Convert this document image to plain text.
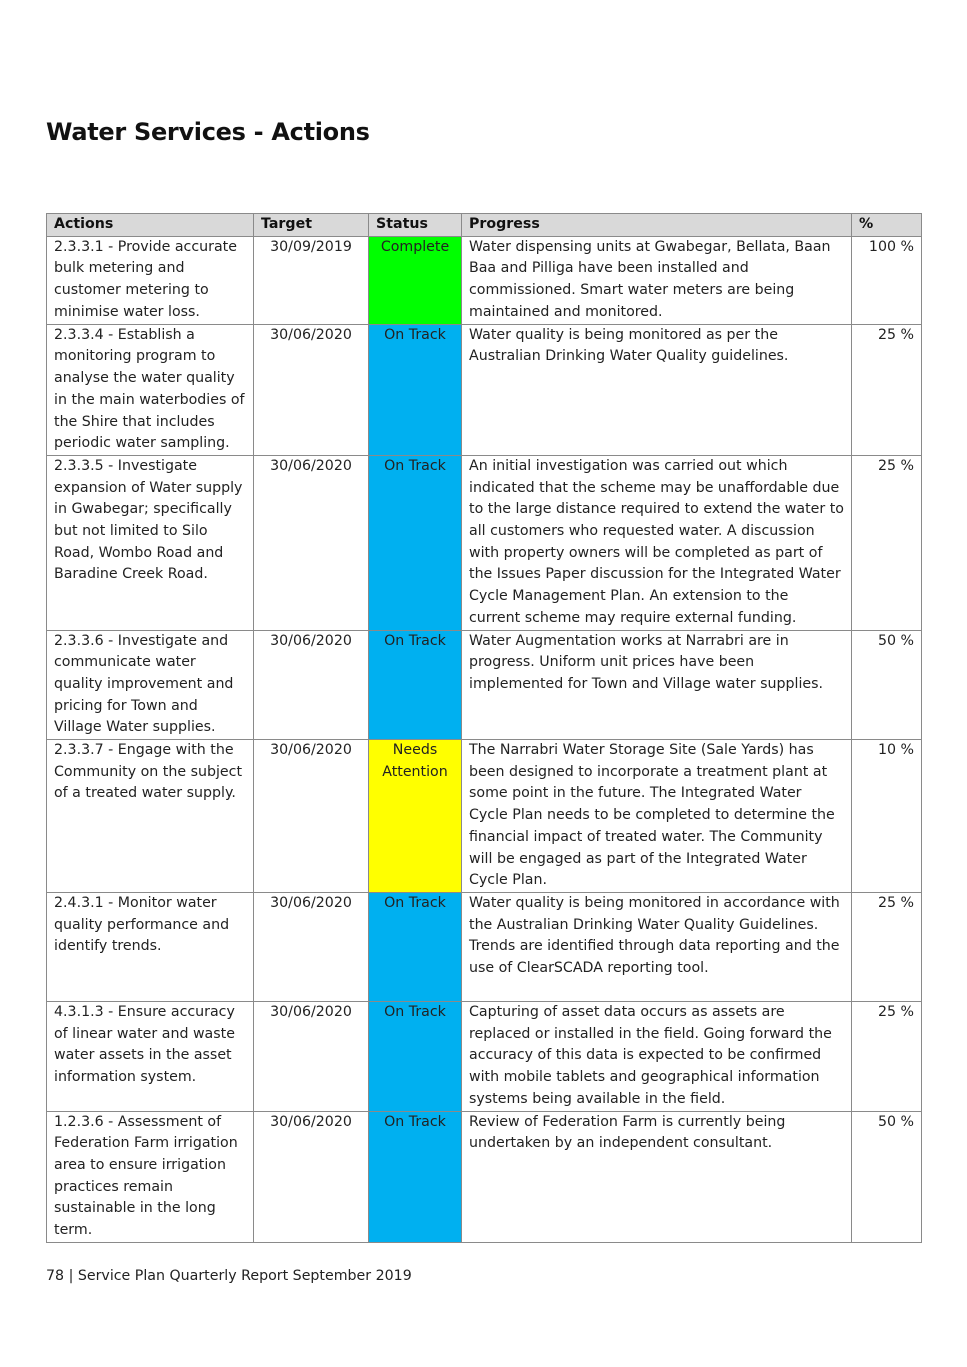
Water Services - Actions
Actions	Target	Status	Progress	%
2.3.3.1 - Provide accurate bulk metering and customer metering to minimise water loss.	30/09/2019	Complete	Water dispensing units at Gwabegar, Bellata, Baan Baa and Pilliga have been installed and commissioned. Smart water meters are being maintained and monitored.	100 %
2.3.3.4 - Establish a monitoring program to analyse the water quality in the main waterbodies of the Shire that includes periodic water sampling.	30/06/2020	On Track	Water quality is being monitored as per the Australian Drinking Water Quality guidelines.	25 %
2.3.3.5 - Investigate expansion of Water supply in Gwabegar; specifically but not limited to Silo Road, Wombo Road and Baradine Creek Road.	30/06/2020	On Track	An initial investigation was carried out which indicated that the scheme may be unaffordable due to the large distance required to extend the water to all customers who requested water. A discussion with property owners will be completed as part of the Issues Paper discussion for the Integrated Water Cycle Management Plan. An extension to the current scheme may require external funding.	25 %
2.3.3.6 - Investigate and communicate water quality improvement and pricing for Town and Village Water supplies.	30/06/2020	On Track	Water Augmentation works at Narrabri are in progress. Uniform unit prices have been implemented for Town and Village water supplies.	50 %
2.3.3.7 - Engage with the Community on the subject of a treated water supply.	30/06/2020	Needs Attention	The Narrabri Water Storage Site (Sale Yards) has been designed to incorporate a treatment plant at some point in the future. The Integrated Water Cycle Plan needs to be completed to determine the financial impact of treated water. The Community will be engaged as part of the Integrated Water Cycle Plan.	10 %
2.4.3.1 - Monitor water quality performance and identify trends.	30/06/2020	On Track	Water quality is being monitored in accordance with the Australian Drinking Water Quality Guidelines. Trends are identified through data reporting and the use of ClearSCADA reporting tool.	25 %
4.3.1.3 - Ensure accuracy of linear water and waste water assets in the asset information system.	30/06/2020	On Track	Capturing of asset data occurs as assets are replaced or installed in the field. Going forward the accuracy of this data is expected to be confirmed with mobile tablets and geographical information systems being available in the field.	25 %
1.2.3.6 - Assessment of Federation Farm irrigation area to ensure irrigation practices remain sustainable in the long term.	30/06/2020	On Track	Review of Federation Farm is currently being undertaken by an independent consultant.	50 %
78 | Service Plan Quarterly Report September 2019
